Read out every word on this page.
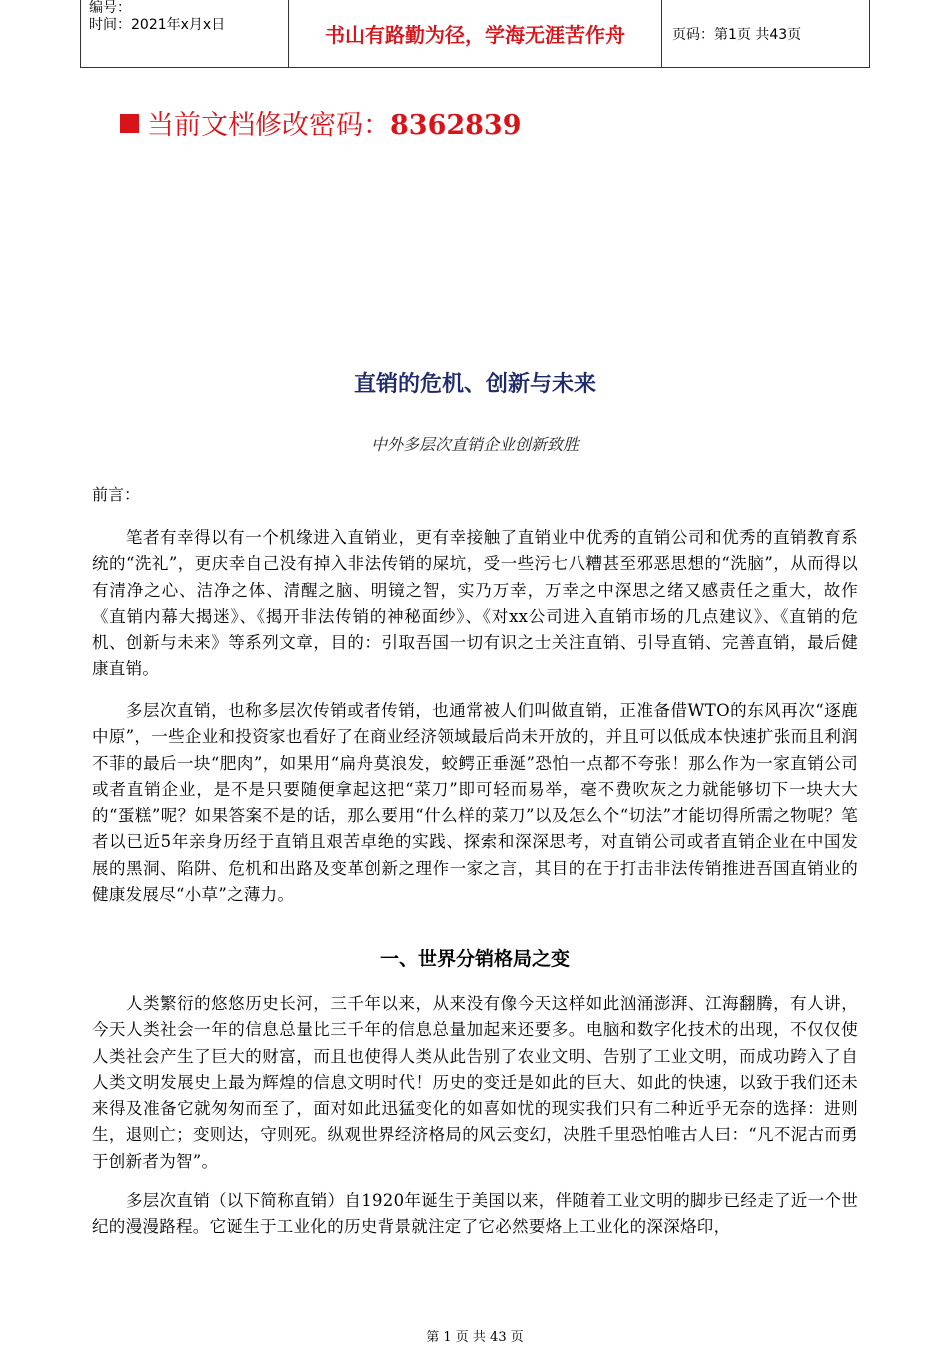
编号：
时间：2021年x月x日	书山有路勤为径，学海无涯苦作舟	页码：第1页 共43页
当前文档修改密码：8362839
直销的危机、创新与未来
中外多层次直销企业创新致胜
前言：

笔者有幸得以有一个机缘进入直销业，更有幸接触了直销业中优秀的直销公司和优秀的直销教育系统的“洗礼”，更庆幸自己没有掉入非法传销的屎坑，受一些污七八糟甚至邪恶思想的“洗脑”，从而得以有清净之心、洁净之体、清醒之脑、明镜之智，实乃万幸，万幸之中深思之绪又感责任之重大，故作《直销内幕大揭迷》、《揭开非法传销的神秘面纱》、《对xx公司进入直销市场的几点建议》、《直销的危机、创新与未来》等系列文章，目的：引取吾国一切有识之士关注直销、引导直销、完善直销，最后健康直销。

多层次直销，也称多层次传销或者传销，也通常被人们叫做直销，正准备借WTO的东风再次“逐鹿中原”，一些企业和投资家也看好了在商业经济领域最后尚未开放的，并且可以低成本快速扩张而且利润不菲的最后一块“肥肉”，如果用“扁舟莫浪发，蛟鳄正垂涎”恐怕一点都不夸张！那么作为一家直销公司或者直销企业，是不是只要随便拿起这把“菜刀”即可轻而易举，毫不费吹灰之力就能够切下一块大大的“蛋糕”呢？如果答案不是的话，那么要用“什么样的菜刀”以及怎么个“切法”才能切得所需之物呢？笔者以已近5年亲身历经于直销且艰苦卓绝的实践、探索和深深思考，对直销公司或者直销企业在中国发展的黑洞、陷阱、危机和出路及变革创新之理作一家之言，其目的在于打击非法传销推进吾国直销业的健康发展尽“小草”之薄力。

一、世界分销格局之变

人类繁衍的悠悠历史长河，三千年以来，从来没有像今天这样如此汹涌澎湃、江海翻腾，有人讲，今天人类社会一年的信息总量比三千年的信息总量加起来还要多。电脑和数字化技术的出现，不仅仅使人类社会产生了巨大的财富，而且也使得人类从此告别了农业文明、告别了工业文明，而成功跨入了自人类文明发展史上最为辉煌的信息文明时代！历史的变迁是如此的巨大、如此的快速，以致于我们还未来得及准备它就匆匆而至了，面对如此迅猛变化的如喜如忧的现实我们只有二种近乎无奈的选择：进则生，退则亡；变则达，守则死。纵观世界经济格局的风云变幻，决胜千里恐怕唯古人曰：“凡不泥古而勇于创新者为智”。

多层次直销（以下简称直销）自1920年诞生于美国以来，伴随着工业文明的脚步已经走了近一个世纪的漫漫路程。它诞生于工业化的历史背景就注定了它必然要烙上工业化的深深烙印，

第 1 页 共 43 页
